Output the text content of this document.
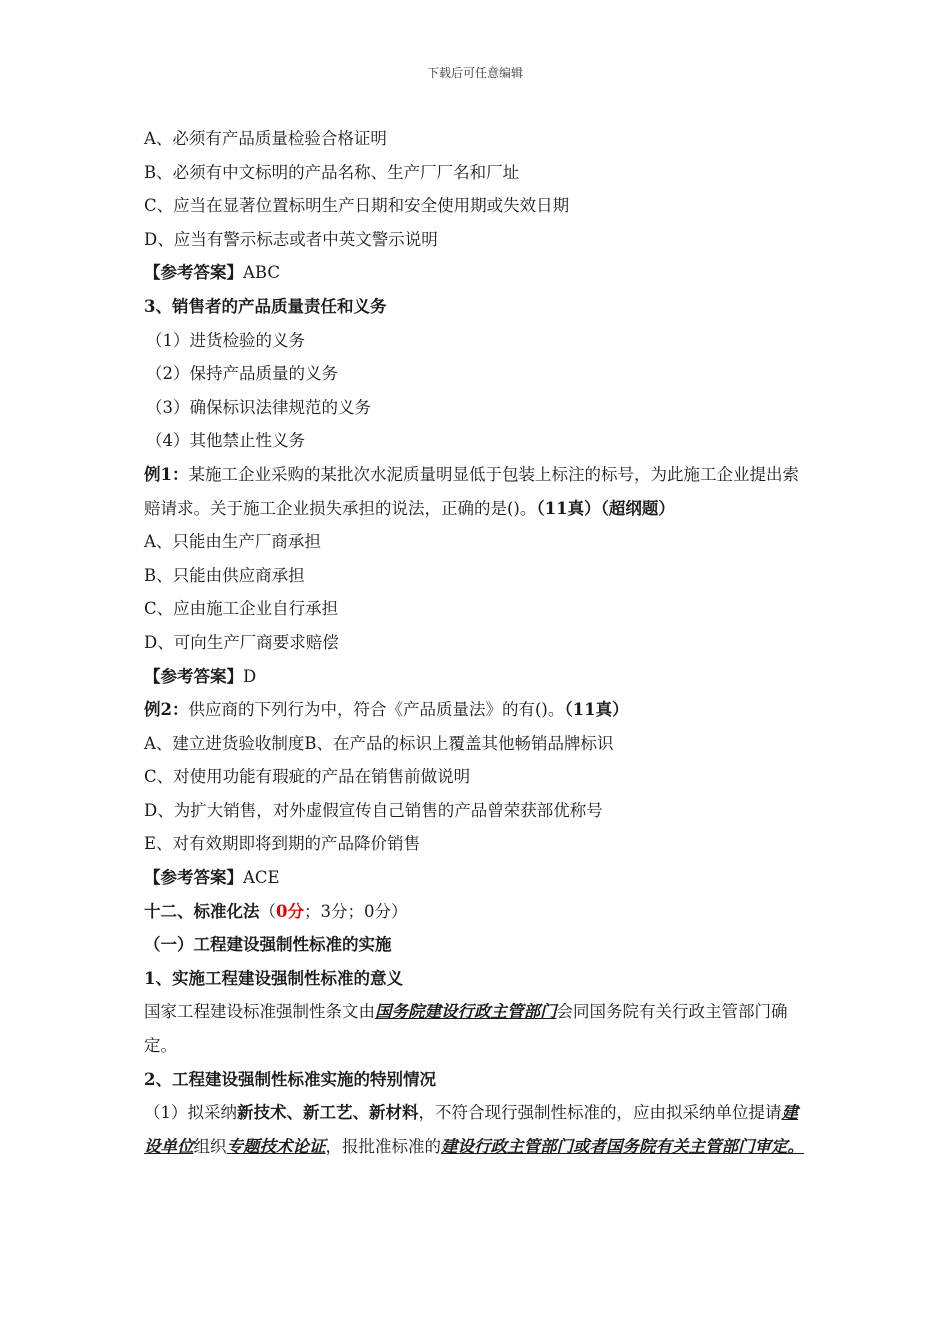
下载后可任意编辑
A、必须有产品质量检验合格证明
B、必须有中文标明的产品名称、生产厂厂名和厂址
C、应当在显著位置标明生产日期和安全使用期或失效日期
D、应当有警示标志或者中英文警示说明
【参考答案】ABC
3、销售者的产品质量责任和义务
（1）进货检验的义务
（2）保持产品质量的义务
（3）确保标识法律规范的义务
（4）其他禁止性义务
例1：某施工企业采购的某批次水泥质量明显低于包装上标注的标号，为此施工企业提出索赔请求。关于施工企业损失承担的说法，正确的是()。（11真）（超纲题）
A、只能由生产厂商承担
B、只能由供应商承担
C、应由施工企业自行承担
D、可向生产厂商要求赔偿
【参考答案】D
例2：供应商的下列行为中，符合《产品质量法》的有()。（11真）
A、建立进货验收制度B、在产品的标识上覆盖其他畅销品牌标识
C、对使用功能有瑕疵的产品在销售前做说明
D、为扩大销售，对外虚假宣传自己销售的产品曾荣获部优称号
E、对有效期即将到期的产品降价销售
【参考答案】ACE
十二、标准化法（0分；3分；0分）
（一）工程建设强制性标准的实施
1、实施工程建设强制性标准的意义
国家工程建设标准强制性条文由国务院建设行政主管部门会同国务院有关行政主管部门确定。
2、工程建设强制性标准实施的特别情况
（1）拟采纳新技术、新工艺、新材料，不符合现行强制性标准的，应由拟采纳单位提请建设单位组织专题技术论证，报批准标准的建设行政主管部门或者国务院有关主管部门审定。
